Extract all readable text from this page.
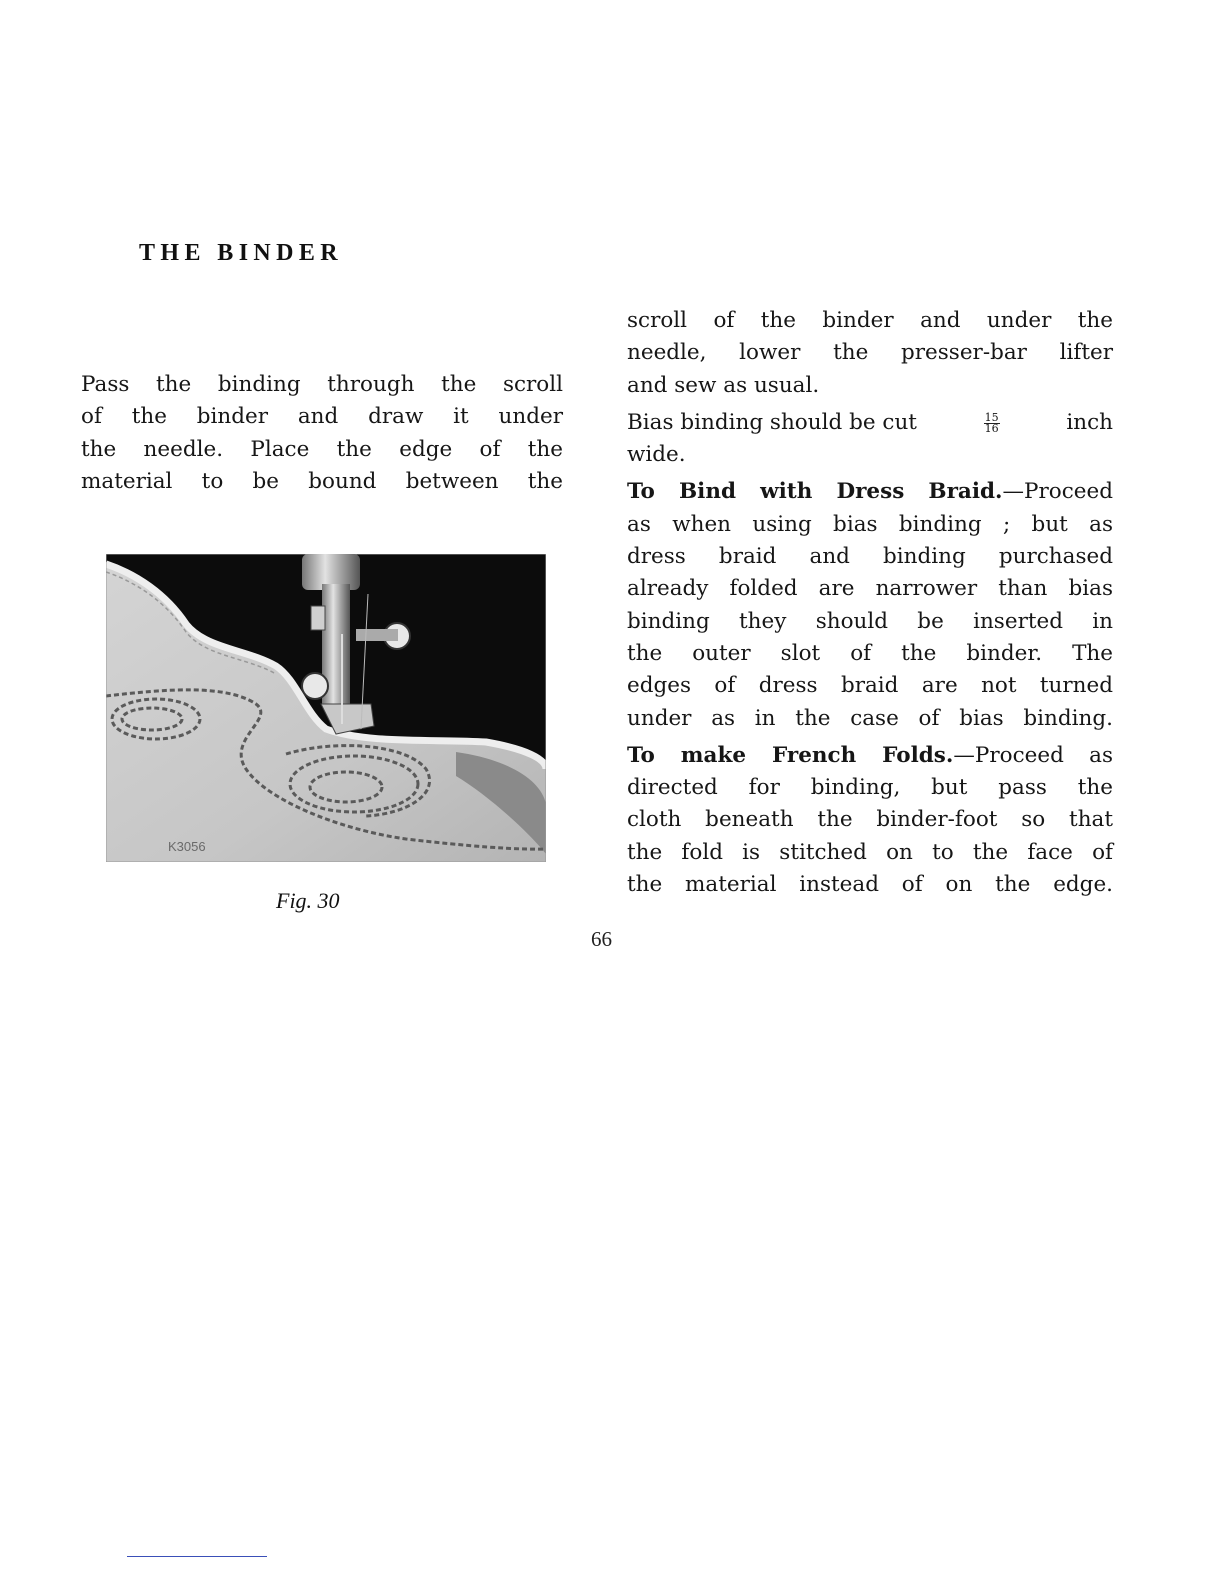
THE BINDER

Pass the binding through the scroll
of the binder and draw it under
the needle. Place the edge of the
material to be bound between the

K3056
Fig. 30

scroll of the binder and under the
needle, lower the presser-bar lifter
and sew as usual.

Bias binding should be cut	$\frac{15}{16}$	inch
wide.

To Bind with Dress Braid.—Proceed
as when using bias binding ; but as
dress braid and binding purchased
already folded are narrower than bias
binding they should be inserted in
the outer slot of the binder. The
edges of dress braid are not turned
under as in the case of bias binding.

To make French Folds.—Proceed as
directed for binding, but pass the
cloth beneath the binder-foot so that
the fold is stitched on to the face of
the material instead of on the edge.

66
